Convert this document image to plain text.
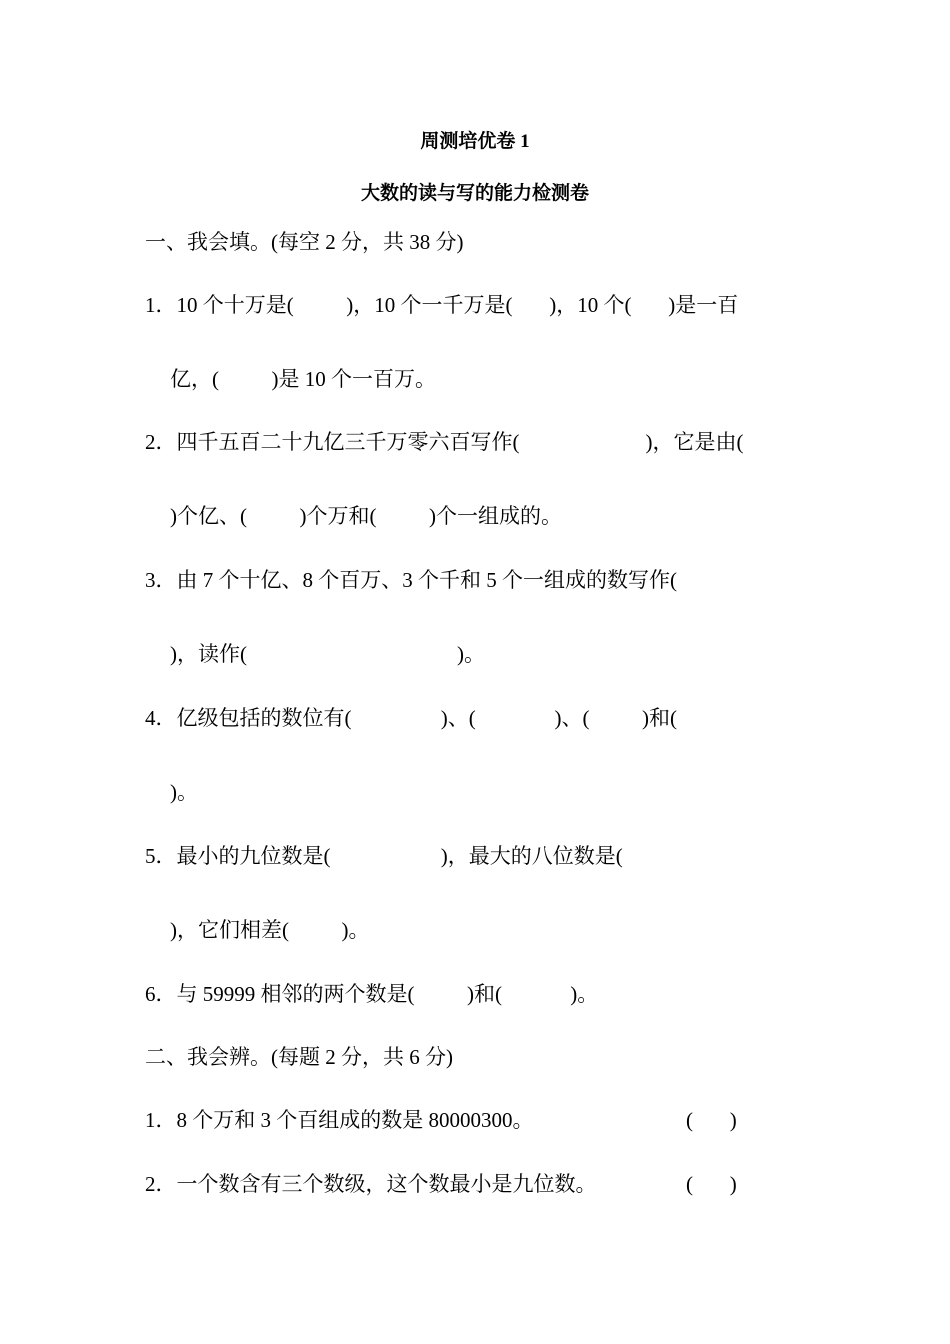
周测培优卷 1
大数的读与写的能力检测卷
一、我会填。(每空 2 分，共 38 分)
1．10 个十万是(          )，10 个一千万是(       )，10 个(       )是一百
亿，(          )是 10 个一百万。
2．四千五百二十九亿三千万零六百写作(                        )，它是由(
)个亿、(          )个万和(          )个一组成的。
3．由 7 个十亿、8 个百万、3 个千和 5 个一组成的数写作(
)，读作(                                        )。
4．亿级包括的数位有(                 )、(               )、(          )和(
)。
5．最小的九位数是(                     )，最大的八位数是(
)，它们相差(          )。
6．与 59999 相邻的两个数是(          )和(             )。
二、我会辨。(每题 2 分，共 6 分)
1．8 个万和 3 个百组成的数是 80000300。	(       )
2．一个数含有三个数级，这个数最小是九位数。	(       )
